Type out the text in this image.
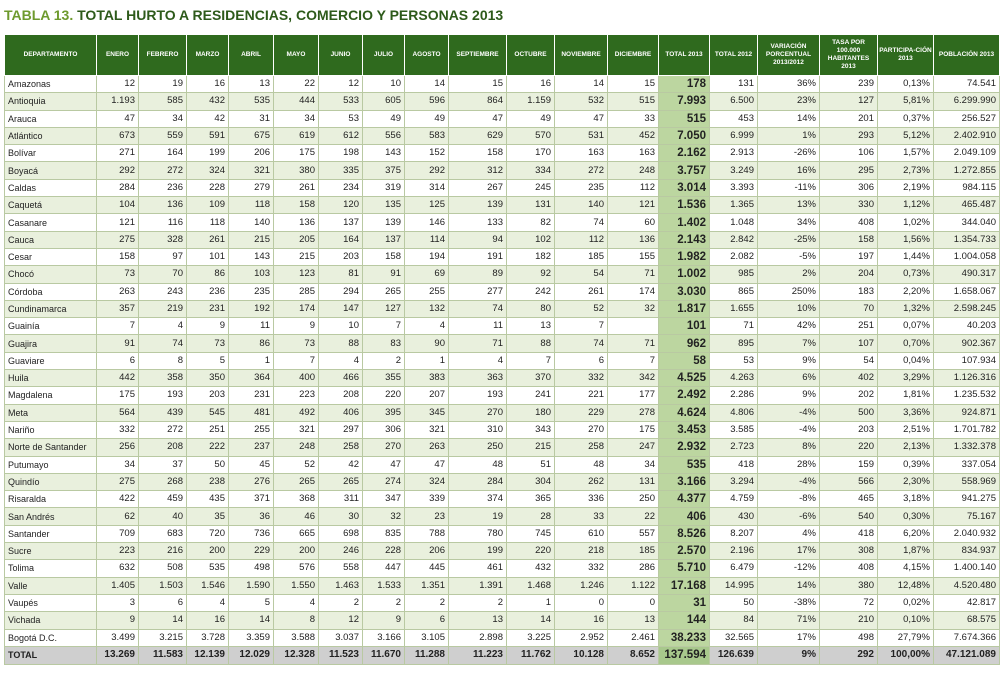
TABLA 13. TOTAL HURTO A RESIDENCIAS, COMERCIO Y PERSONAS 2013
DEPARTAMENTO	ENERO	FEBRERO	MARZO	ABRIL	MAYO	JUNIO	JULIO	AGOSTO	SEPTIEMBRE	OCTUBRE	NOVIEMBRE	DICIEMBRE	TOTAL 2013	TOTAL 2012	VARIACIÓN PORCENTUAL 2013/2012	TASA POR 100.000 HABITANTES 2013	PARTICIPA-CIÓN 2013	POBLACIÓN 2013
Amazonas	12	19	16	13	22	12	10	14	15	16	14	15	178	131	36%	239	0,13%	74.541
Antioquia	1.193	585	432	535	444	533	605	596	864	1.159	532	515	7.993	6.500	23%	127	5,81%	6.299.990
Arauca	47	34	42	31	34	53	49	49	47	49	47	33	515	453	14%	201	0,37%	256.527
Atlántico	673	559	591	675	619	612	556	583	629	570	531	452	7.050	6.999	1%	293	5,12%	2.402.910
Bolívar	271	164	199	206	175	198	143	152	158	170	163	163	2.162	2.913	-26%	106	1,57%	2.049.109
Boyacá	292	272	324	321	380	335	375	292	312	334	272	248	3.757	3.249	16%	295	2,73%	1.272.855
Caldas	284	236	228	279	261	234	319	314	267	245	235	112	3.014	3.393	-11%	306	2,19%	984.115
Caquetá	104	136	109	118	158	120	135	125	139	131	140	121	1.536	1.365	13%	330	1,12%	465.487
Casanare	121	116	118	140	136	137	139	146	133	82	74	60	1.402	1.048	34%	408	1,02%	344.040
Cauca	275	328	261	215	205	164	137	114	94	102	112	136	2.143	2.842	-25%	158	1,56%	1.354.733
Cesar	158	97	101	143	215	203	158	194	191	182	185	155	1.982	2.082	-5%	197	1,44%	1.004.058
Chocó	73	70	86	103	123	81	91	69	89	92	54	71	1.002	985	2%	204	0,73%	490.317
Córdoba	263	243	236	235	285	294	265	255	277	242	261	174	3.030	865	250%	183	2,20%	1.658.067
Cundinamarca	357	219	231	192	174	147	127	132	74	80	52	32	1.817	1.655	10%	70	1,32%	2.598.245
Guainía	7	4	9	11	9	10	7	4	11	13	7		101	71	42%	251	0,07%	40.203
Guajira	91	74	73	86	73	88	83	90	71	88	74	71	962	895	7%	107	0,70%	902.367
Guaviare	6	8	5	1	7	4	2	1	4	7	6	7	58	53	9%	54	0,04%	107.934
Huila	442	358	350	364	400	466	355	383	363	370	332	342	4.525	4.263	6%	402	3,29%	1.126.316
Magdalena	175	193	203	231	223	208	220	207	193	241	221	177	2.492	2.286	9%	202	1,81%	1.235.532
Meta	564	439	545	481	492	406	395	345	270	180	229	278	4.624	4.806	-4%	500	3,36%	924.871
Nariño	332	272	251	255	321	297	306	321	310	343	270	175	3.453	3.585	-4%	203	2,51%	1.701.782
Norte de Santander	256	208	222	237	248	258	270	263	250	215	258	247	2.932	2.723	8%	220	2,13%	1.332.378
Putumayo	34	37	50	45	52	42	47	47	48	51	48	34	535	418	28%	159	0,39%	337.054
Quindío	275	268	238	276	265	265	274	324	284	304	262	131	3.166	3.294	-4%	566	2,30%	558.969
Risaralda	422	459	435	371	368	311	347	339	374	365	336	250	4.377	4.759	-8%	465	3,18%	941.275
San Andrés	62	40	35	36	46	30	32	23	19	28	33	22	406	430	-6%	540	0,30%	75.167
Santander	709	683	720	736	665	698	835	788	780	745	610	557	8.526	8.207	4%	418	6,20%	2.040.932
Sucre	223	216	200	229	200	246	228	206	199	220	218	185	2.570	2.196	17%	308	1,87%	834.937
Tolima	632	508	535	498	576	558	447	445	461	432	332	286	5.710	6.479	-12%	408	4,15%	1.400.140
Valle	1.405	1.503	1.546	1.590	1.550	1.463	1.533	1.351	1.391	1.468	1.246	1.122	17.168	14.995	14%	380	12,48%	4.520.480
Vaupés	3	6	4	5	4	2	2	2	2	1	0	0	31	50	-38%	72	0,02%	42.817
Vichada	9	14	16	14	8	12	9	6	13	14	16	13	144	84	71%	210	0,10%	68.575
Bogotá D.C.	3.499	3.215	3.728	3.359	3.588	3.037	3.166	3.105	2.898	3.225	2.952	2.461	38.233	32.565	17%	498	27,79%	7.674.366
TOTAL	13.269	11.583	12.139	12.029	12.328	11.523	11.670	11.288	11.223	11.762	10.128	8.652	137.594	126.639	9%	292	100,00%	47.121.089
